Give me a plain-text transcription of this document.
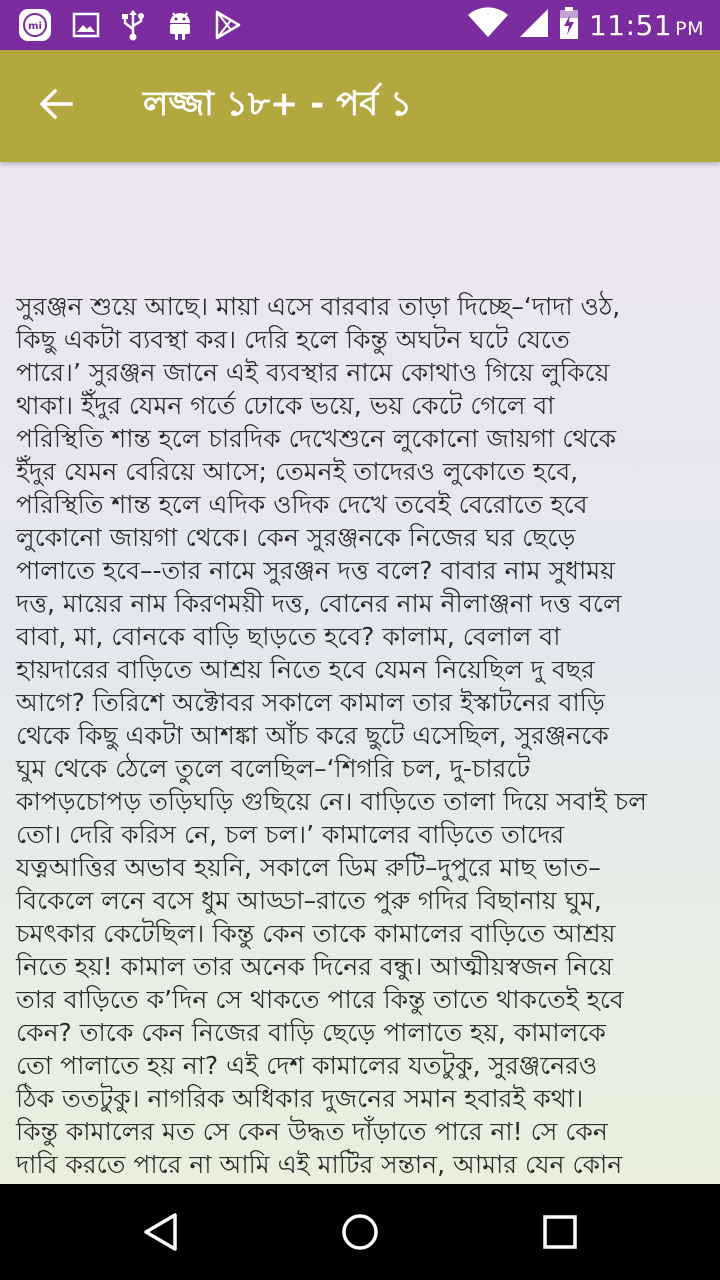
mi	11:51 PM
লজ্জা ১৮+ - পর্ব ১

সুরঞ্জন শুয়ে আছে। মায়া এসে বারবার তাড়া দিচ্ছে–‘দাদা ওঠ,
কিছু একটা ব্যবস্থা কর। দেরি হলে কিন্তু অঘটন ঘটে যেতে
পারে।’ সুরঞ্জন জানে এই ব্যবস্থার নামে কোথাও গিয়ে লুকিয়ে
থাকা। ইঁদুর যেমন গর্তে ঢোকে ভয়ে, ভয় কেটে গেলে বা
পরিস্থিতি শান্ত হলে চারদিক দেখেশুনে লুকোনো জায়গা থেকে
ইঁদুর যেমন বেরিয়ে আসে; তেমনই তাদেরও লুকোতে হবে,
পরিস্থিতি শান্ত হলে এদিক ওদিক দেখে তবেই বেরোতে হবে
লুকোনো জায়গা থেকে। কেন সুরঞ্জনকে নিজের ঘর ছেড়ে
পালাতে হবে–-তার নামে সুরঞ্জন দত্ত বলে? বাবার নাম সুধাময়
দত্ত, মায়ের নাম কিরণময়ী দত্ত, বোনের নাম নীলাঞ্জনা দত্ত বলে
বাবা, মা, বোনকে বাড়ি ছাড়তে হবে? কালাম, বেলাল বা
হায়দারের বাড়িতে আশ্রয় নিতে হবে যেমন নিয়েছিল দু বছর
আগে? তিরিশে অক্টোবর সকালে কামাল তার ইস্কাটনের বাড়ি
থেকে কিছু একটা আশঙ্কা আঁচ করে ছুটে এসেছিল, সুরঞ্জনকে
ঘুম থেকে ঠেলে তুলে বলেছিল–‘শিগরি চল, দু-চারটে
কাপড়চোপড় তড়িঘড়ি গুছিয়ে নে। বাড়িতে তালা দিয়ে সবাই চল
তো। দেরি করিস নে, চল চল।’ কামালের বাড়িতে তাদের
যত্নআত্তির অভাব হয়নি, সকালে ডিম রুটি–দুপুরে মাছ ভাত–
বিকেলে লনে বসে ধুম আড্ডা–রাতে পুরু গদির বিছানায় ঘুম,
চমৎকার কেটেছিল। কিন্তু কেন তাকে কামালের বাড়িতে আশ্রয়
নিতে হয়! কামাল তার অনেক দিনের বন্ধু। আত্মীয়স্বজন নিয়ে
তার বাড়িতে ক’দিন সে থাকতে পারে কিন্তু তাতে থাকতেই হবে
কেন? তাকে কেন নিজের বাড়ি ছেড়ে পালাতে হয়, কামালকে
তো পালাতে হয় না? এই দেশ কামালের যতটুকু, সুরঞ্জনেরও
ঠিক ততটুকু। নাগরিক অধিকার দুজনের সমান হবারই কথা।
কিন্তু কামালের মত সে কেন উদ্ধত দাঁড়াতে পারে না! সে কেন
দাবি করতে পারে না আমি এই মাটির সন্তান, আমার যেন কোন
